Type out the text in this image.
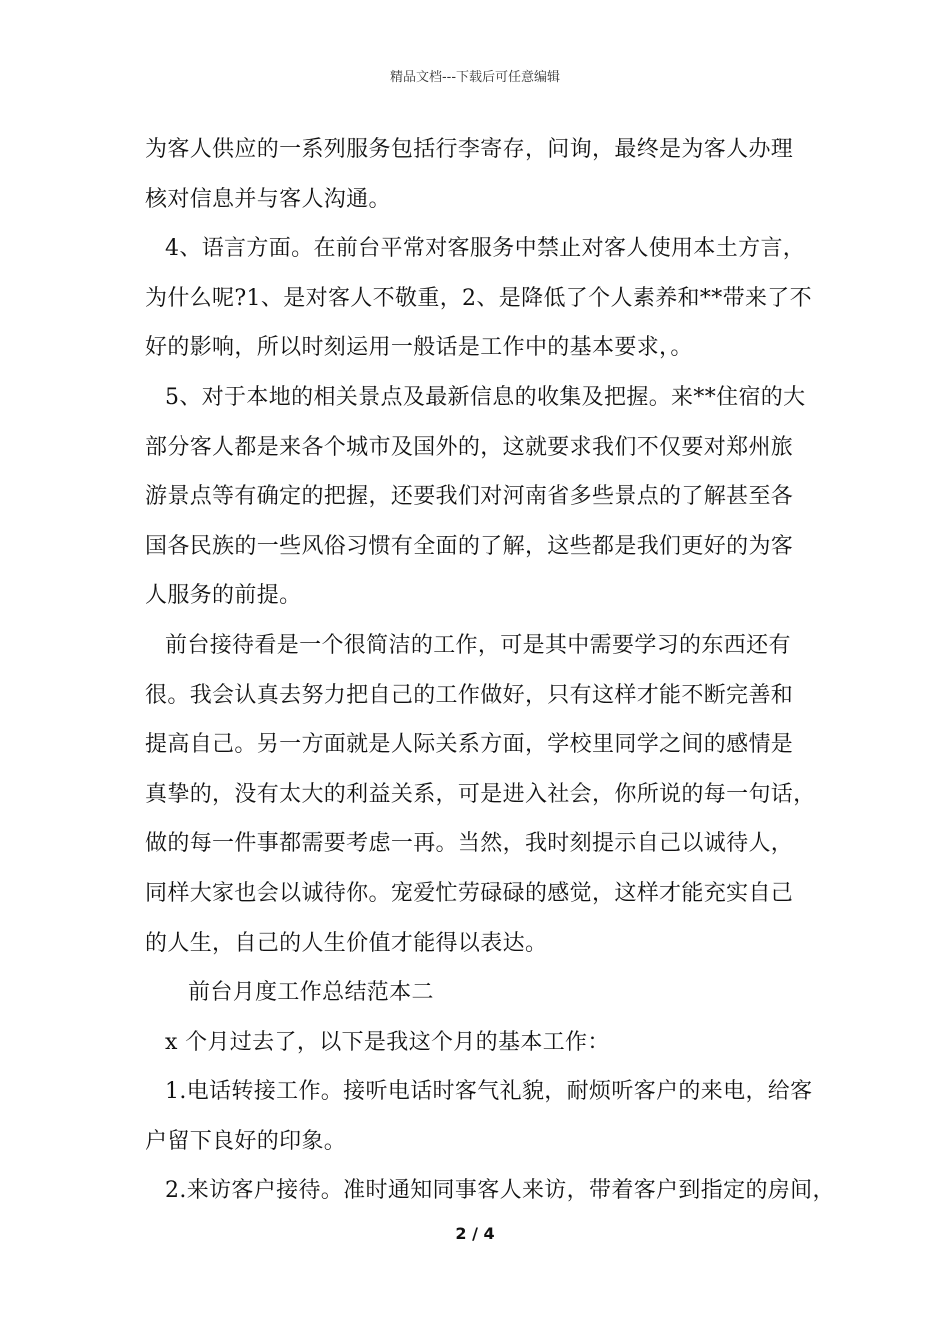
精品文档---下载后可任意编辑
为客人供应的一系列服务包括行李寄存，问询，最终是为客人办理
核对信息并与客人沟通。
4、语言方面。在前台平常对客服务中禁止对客人使用本土方言，
为什么呢?1、是对客人不敬重，2、是降低了个人素养和**带来了不
好的影响，所以时刻运用一般话是工作中的基本要求，。
5、对于本地的相关景点及最新信息的收集及把握。来**住宿的大
部分客人都是来各个城市及国外的，这就要求我们不仅要对郑州旅
游景点等有确定的把握，还要我们对河南省多些景点的了解甚至各
国各民族的一些风俗习惯有全面的了解，这些都是我们更好的为客
人服务的前提。
前台接待看是一个很简洁的工作，可是其中需要学习的东西还有
很。我会认真去努力把自己的工作做好，只有这样才能不断完善和
提高自己。另一方面就是人际关系方面，学校里同学之间的感情是
真挚的，没有太大的利益关系，可是进入社会，你所说的每一句话，
做的每一件事都需要考虑一再。当然，我时刻提示自己以诚待人，
同样大家也会以诚待你。宠爱忙劳碌碌的感觉，这样才能充实自己
的人生，自己的人生价值才能得以表达。
前台月度工作总结范本二
x 个月过去了，以下是我这个月的基本工作：
1.电话转接工作。接听电话时客气礼貌，耐烦听客户的来电，给客
户留下良好的印象。
2.来访客户接待。准时通知同事客人来访，带着客户到指定的房间，
2 / 4
